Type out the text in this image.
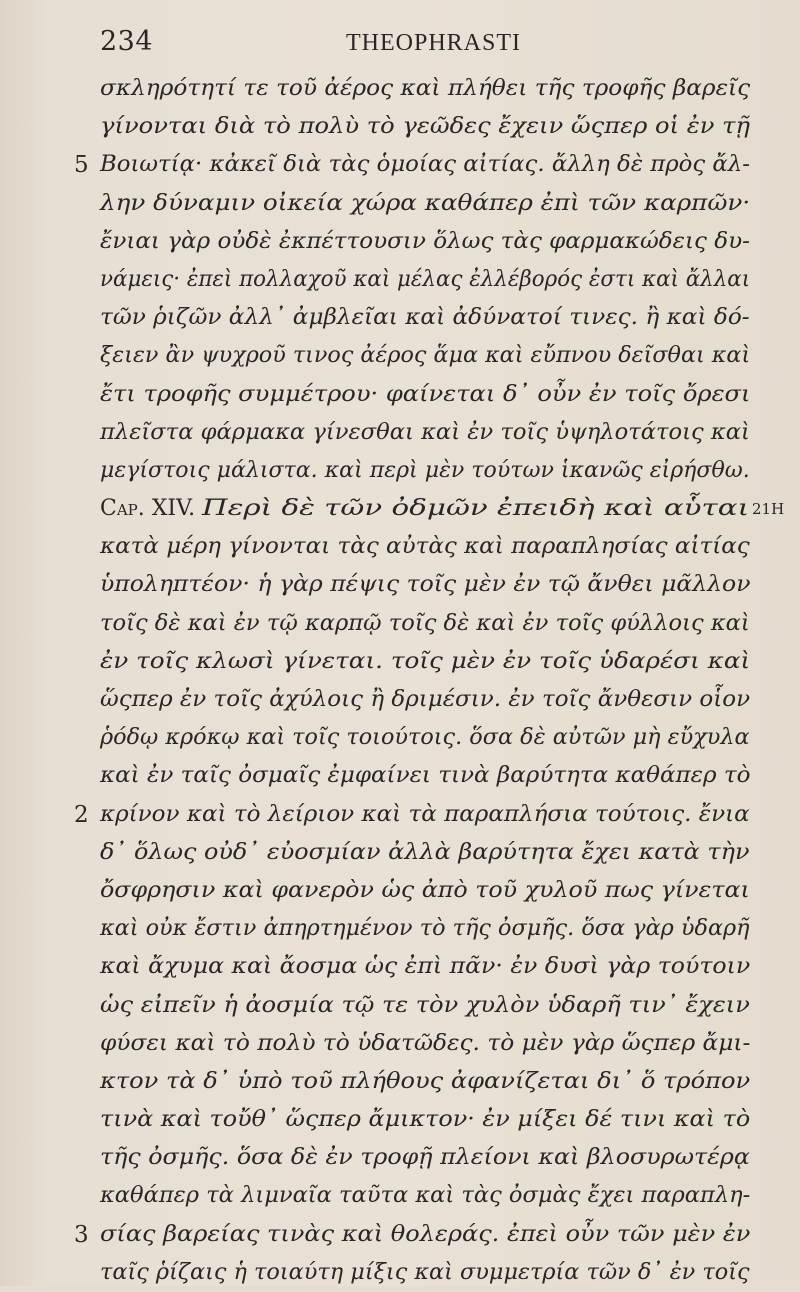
234	THEOPHRASTI
σκληρότητί τε τοῦ ἀέρος καὶ πλήθει τῆς τροφῆς βαρεῖς
γίνονται διὰ τὸ πολὺ τὸ γεῶδες ἔχειν ὥςπερ οἱ ἐν τῇ
5 Βοιωτίᾳ· κἀκεῖ διὰ τὰς ὁμοίας αἰτίας. ἄλλη δὲ πρὸς ἄλ-
λην δύναμιν οἰκεία χώρα καθάπερ ἐπὶ τῶν καρπῶν·
ἔνιαι γὰρ οὐδὲ ἐκπέττουσιν ὅλως τὰς φαρμακώδεις δυ-
νάμεις· ἐπεὶ πολλαχοῦ καὶ μέλας ἐλλέβορός ἐστι καὶ ἄλλαι
τῶν ῥιζῶν ἀλλ᾽ ἀμβλεῖαι καὶ ἀδύνατοί τινες. ἢ καὶ δό-
ξειεν ἂν ψυχροῦ τινος ἀέρος ἅμα καὶ εὔπνου δεῖσθαι καὶ
ἔτι τροφῆς συμμέτρου· φαίνεται δ᾽ οὖν ἐν τοῖς ὄρεσι
πλεῖστα φάρμακα γίνεσθαι καὶ ἐν τοῖς ὑψηλοτάτοις καὶ
μεγίστοις μάλιστα. καὶ περὶ μὲν τούτων ἱκανῶς εἰρήσθω.
Cap. XIV. Περὶ δὲ τῶν ὀδμῶν ἐπειδὴ καὶ αὗται 21H
κατὰ μέρη γίνονται τὰς αὐτὰς καὶ παραπλησίας αἰτίας
ὑποληπτέον· ἡ γὰρ πέψις τοῖς μὲν ἐν τῷ ἄνθει μᾶλλον
τοῖς δὲ καὶ ἐν τῷ καρπῷ τοῖς δὲ καὶ ἐν τοῖς φύλλοις καὶ
ἐν τοῖς κλωσὶ γίνεται. τοῖς μὲν ἐν τοῖς ὑδαρέσι καὶ
ὥςπερ ἐν τοῖς ἀχύλοις ἢ δριμέσιν. ἐν τοῖς ἄνθεσιν οἷον
ῥόδῳ κρόκῳ καὶ τοῖς τοιούτοις. ὅσα δὲ αὐτῶν μὴ εὔχυλα
καὶ ἐν ταῖς ὀσμαῖς ἐμφαίνει τινὰ βαρύτητα καθάπερ τὸ
2 κρίνον καὶ τὸ λείριον καὶ τὰ παραπλήσια τούτοις. ἔνια
δ᾽ ὅλως οὐδ᾽ εὐοσμίαν ἀλλὰ βαρύτητα ἔχει κατὰ τὴν
ὄσφρησιν καὶ φανερὸν ὡς ἀπὸ τοῦ χυλοῦ πως γίνεται
καὶ οὐκ ἔστιν ἀπηρτημένον τὸ τῆς ὀσμῆς. ὅσα γὰρ ὑδαρῆ
καὶ ἄχυμα καὶ ἄοσμα ὡς ἐπὶ πᾶν· ἐν δυσὶ γὰρ τούτοιν
ὡς εἰπεῖν ἡ ἀοσμία τῷ τε τὸν χυλὸν ὑδαρῆ τιν᾽ ἔχειν
φύσει καὶ τὸ πολὺ τὸ ὑδατῶδες. τὸ μὲν γὰρ ὥςπερ ἄμι-
κτον τὰ δ᾽ ὑπὸ τοῦ πλήθους ἀφανίζεται δι᾽ ὅ τρόπον
τινὰ καὶ τοὔθ᾽ ὥςπερ ἄμικτον· ἐν μίξει δέ τινι καὶ τὸ
τῆς ὀσμῆς. ὅσα δὲ ἐν τροφῇ πλείονι καὶ βλοσυρωτέρᾳ
καθάπερ τὰ λιμναῖα ταῦτα καὶ τὰς ὀσμὰς ἔχει παραπλη-
3 σίας βαρείας τινὰς καὶ θολεράς. ἐπεὶ οὖν τῶν μὲν ἐν
ταῖς ῥίζαις ἡ τοιαύτη μίξις καὶ συμμετρία τῶν δ᾽ ἐν τοῖς
